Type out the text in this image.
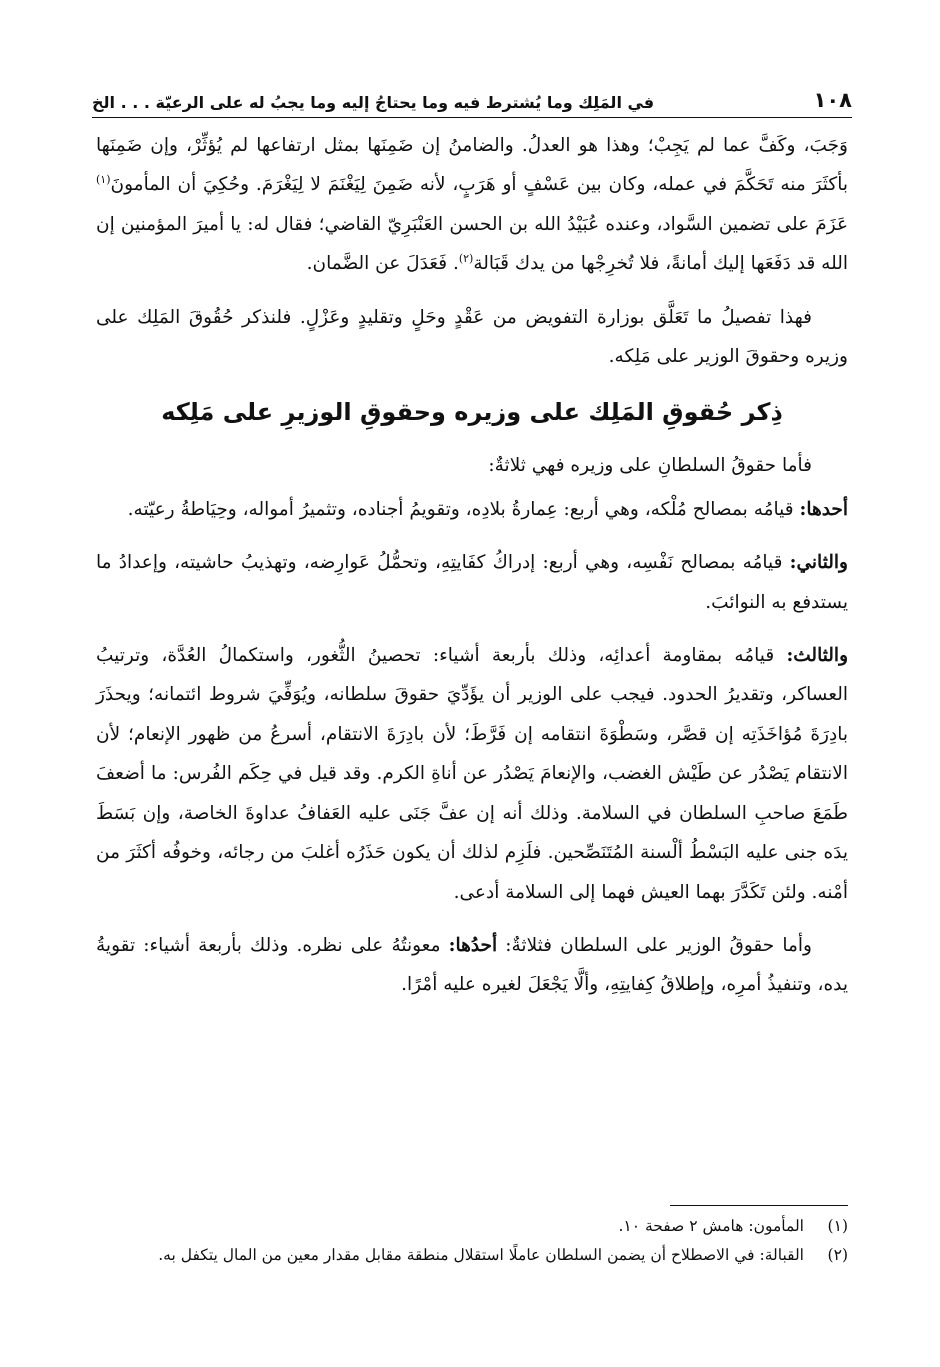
١٠٨
في المَلِك وما يُشترط فيه وما يحتاجُ إليه وما يجبُ له على الرعيّة . . . الخ

وَجَبَ، وكَفَّ عما لم يَجِبْ؛ وهذا هو العدلُ. والضامنُ إن ضَمِنَها بمثل ارتفاعها لم يُؤثِّرْ، وإن ضَمِنَها بأكثَرَ منه تَحَكَّمَ في عمله، وكان بين عَسْفٍ أو هَرَبٍ، لأنه ضَمِنَ لِيَغْنَمَ لا لِيَغْرَمَ. وحُكِيَ أن المأمونَ$^{(١)}$ عَزَمَ على تضمين السَّواد، وعنده عُبَيْدُ الله بن الحسن العَنْبَرِيّ القاضي؛ فقال له: يا أميرَ المؤمنين إن الله قد دَفَعَها إليك أمانةً، فلا تُخرِجْها من يدك قَبَالة$^{(٢)}$. فَعَدَلَ عن الضَّمان.

فهذا تفصيلُ ما تَعَلَّق بوزارة التفويض من عَقْدٍ وحَلٍ وتقليدٍ وعَزْلٍ. فلنذكر حُقُوقَ المَلِك على وزيره وحقوقَ الوزير على مَلِكه.

ذِكر حُقوقِ المَلِك على وزيره وحقوقِ الوزيرِ على مَلِكه

فأما حقوقُ السلطانِ على وزيره فهي ثلاثةٌ:

أحدها: قيامُه بمصالح مُلْكه، وهي أربع: عِمارةُ بلادِه، وتقويمُ أجناده، وتثميرُ أمواله، وحِيَاطةُ رعيّته.

والثاني: قيامُه بمصالح نَفْسِه، وهي أربع: إدراكُ كفَايتِهِ، وتحمُّلُ عَوارِضه، وتهذيبُ حاشيته، وإعدادُ ما يستدفع به النوائبَ.

والثالث: قيامُه بمقاومة أعدائِه، وذلك بأربعة أشياء: تحصينُ الثُّغور، واستكمالُ العُدَّة، وترتيبُ العساكر، وتقديرُ الحدود. فيجب على الوزير أن يؤَدِّيَ حقوقَ سلطانه، ويُوَفِّيَ شروط ائتمانه؛ ويحذَرَ بادِرَةَ مُؤاخَذَتِه إن قصَّر، وسَطْوَةَ انتقامه إن فَرَّطَ؛ لأن بادِرَةَ الانتقام، أسرعُ من ظهور الإنعام؛ لأن الانتقام يَصْدُر عن طَيْش الغضب، والإنعامَ يَصْدُر عن أناةِ الكرم. وقد قيل في حِكَم الفُرس: ما أضعفَ طَمَعَ صاحبِ السلطان في السلامة. وذلك أنه إن عفَّ جَنَى عليه العَفافُ عداوةَ الخاصة، وإن بَسَطَ يدَه جنى عليه البَسْطُ ألْسنة المُتَنَصِّحين. فلَزِم لذلك أن يكون حَذَرُه أغلبَ من رجائه، وخوفُه أكثَرَ من أمْنه. ولئن تَكَدَّرَ بهما العيش فهما إلى السلامة أدعى.

وأما حقوقُ الوزير على السلطان فثلاثةٌ: أحدُها: معونتُهُ على نظره. وذلك بأربعة أشياء: تقويةُ يده، وتنفيذُ أمرِه، وإطلاقُ كِفايتِهِ، وألَّا يَجْعَلَ لغيره عليه أمْرًا.

(١)
المأمون: هامش ٢ صفحة ١٠.

(٢)
القبالة: في الاصطلاح أن يضمن السلطان عاملًا استقلال منطقة مقابل مقدار معين من المال يتكفل به.
